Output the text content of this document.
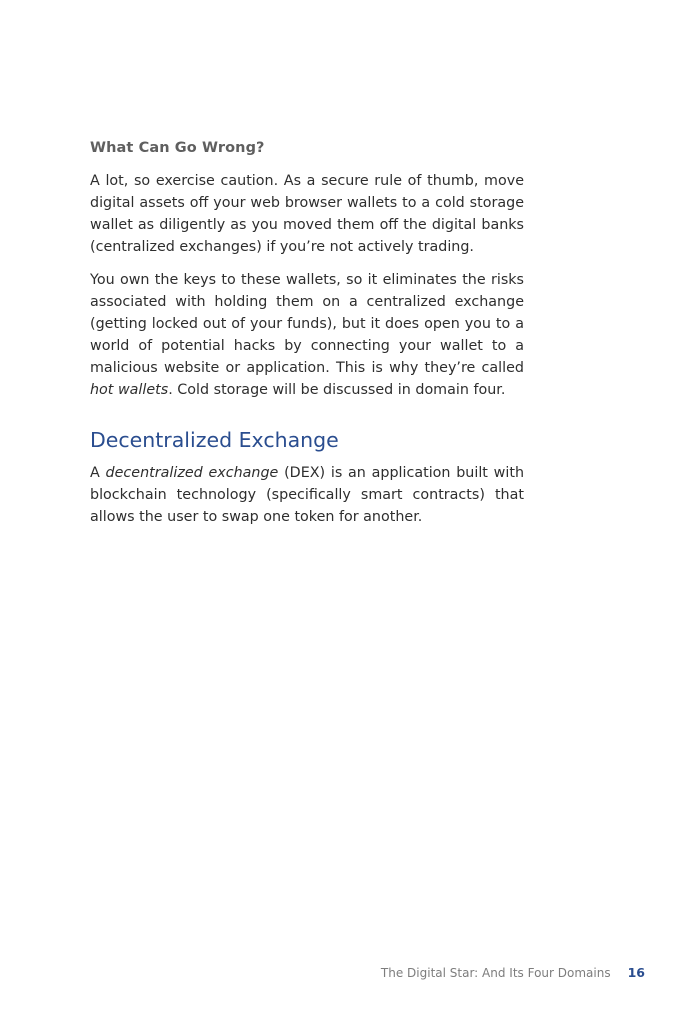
What Can Go Wrong?

A lot, so exercise caution. As a secure rule of thumb, move digital assets off your web browser wallets to a cold storage wallet as diligently as you moved them off the digital banks (centralized exchanges) if you’re not actively trading.

You own the keys to these wallets, so it eliminates the risks associated with holding them on a centralized exchange (getting locked out of your funds), but it does open you to a world of potential hacks by connecting your wallet to a malicious website or application. This is why they’re called hot wallets. Cold storage will be discussed in domain four.

Decentralized Exchange

A decentralized exchange (DEX) is an application built with blockchain technology (specifically smart contracts) that allows the user to swap one token for another.

The Digital Star: And Its Four Domains 16
